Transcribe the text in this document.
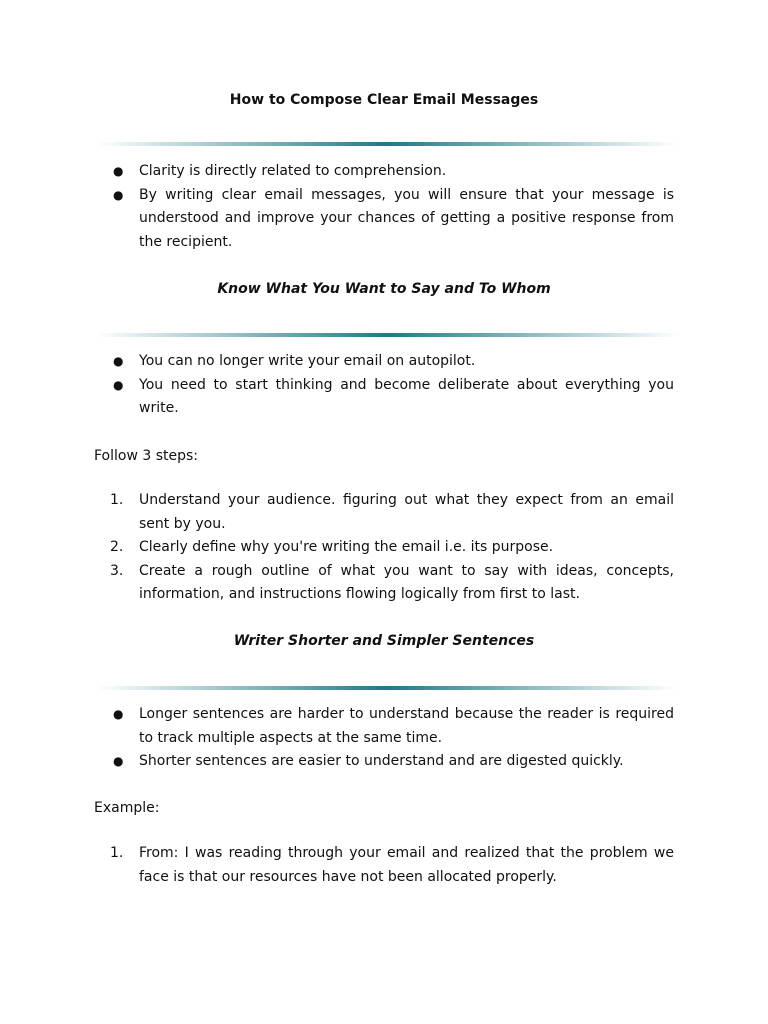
How to Compose Clear Email Messages
● Clarity is directly related to comprehension.
● By writing clear email messages, you will ensure that your message is understood and improve your chances of getting a positive response from the recipient.
Know What You Want to Say and To Whom
● You can no longer write your email on autopilot.
● You need to start thinking and become deliberate about everything you write.
Follow 3 steps:
1. Understand your audience. figuring out what they expect from an email sent by you.
2. Clearly define why you're writing the email i.e. its purpose.
3. Create a rough outline of what you want to say with ideas, concepts, information, and instructions flowing logically from first to last.
Writer Shorter and Simpler Sentences
● Longer sentences are harder to understand because the reader is required to track multiple aspects at the same time.
● Shorter sentences are easier to understand and are digested quickly.
Example:
1. From: I was reading through your email and realized that the problem we face is that our resources have not been allocated properly.
